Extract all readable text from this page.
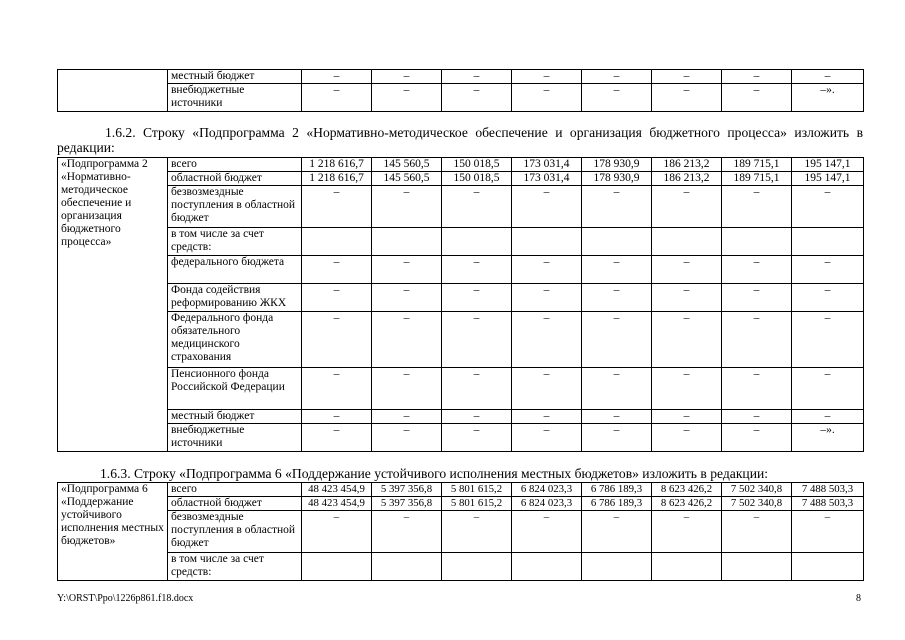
	местный бюджет	–	–	–	–	–	–	–	–
	внебюджетные источники	–	–	–	–	–	–	–	–».
1.6.2. Строку «Подпрограмма 2 «Нормативно-методическое обеспечение и организация бюджетного процесса» изложить в редакции:
«Подпрограмма 2 «Нормативно-методическое обеспечение и организация бюджетного процесса»	всего	1 218 616,7	145 560,5	150 018,5	173 031,4	178 930,9	186 213,2	189 715,1	195 147,1
	областной бюджет	1 218 616,7	145 560,5	150 018,5	173 031,4	178 930,9	186 213,2	189 715,1	195 147,1
	безвозмездные поступления в областной бюджет	–	–	–	–	–	–	–	–
	в том числе за счет средств:								
	федерального бюджета	–	–	–	–	–	–	–	–
	Фонда содействия реформированию ЖКХ	–	–	–	–	–	–	–	–
	Федерального фонда обязательного медицинского страхования	–	–	–	–	–	–	–	–
	Пенсионного фонда Российской Федерации	–	–	–	–	–	–	–	–
	местный бюджет	–	–	–	–	–	–	–	–
	внебюджетные источники	–	–	–	–	–	–	–	–».
1.6.3. Строку «Подпрограмма 6 «Поддержание устойчивого исполнения местных бюджетов» изложить в редакции:
«Подпрограмма 6 «Поддержание устойчивого исполнения местных бюджетов»	всего	48 423 454,9	5 397 356,8	5 801 615,2	6 824 023,3	6 786 189,3	8 623 426,2	7 502 340,8	7 488 503,3
	областной бюджет	48 423 454,9	5 397 356,8	5 801 615,2	6 824 023,3	6 786 189,3	8 623 426,2	7 502 340,8	7 488 503,3
	безвозмездные поступления в областной бюджет	–	–	–	–	–	–	–	–
	в том числе за счет средств:								
Y:\ORST\Ppo\1226p861.f18.docx	8
